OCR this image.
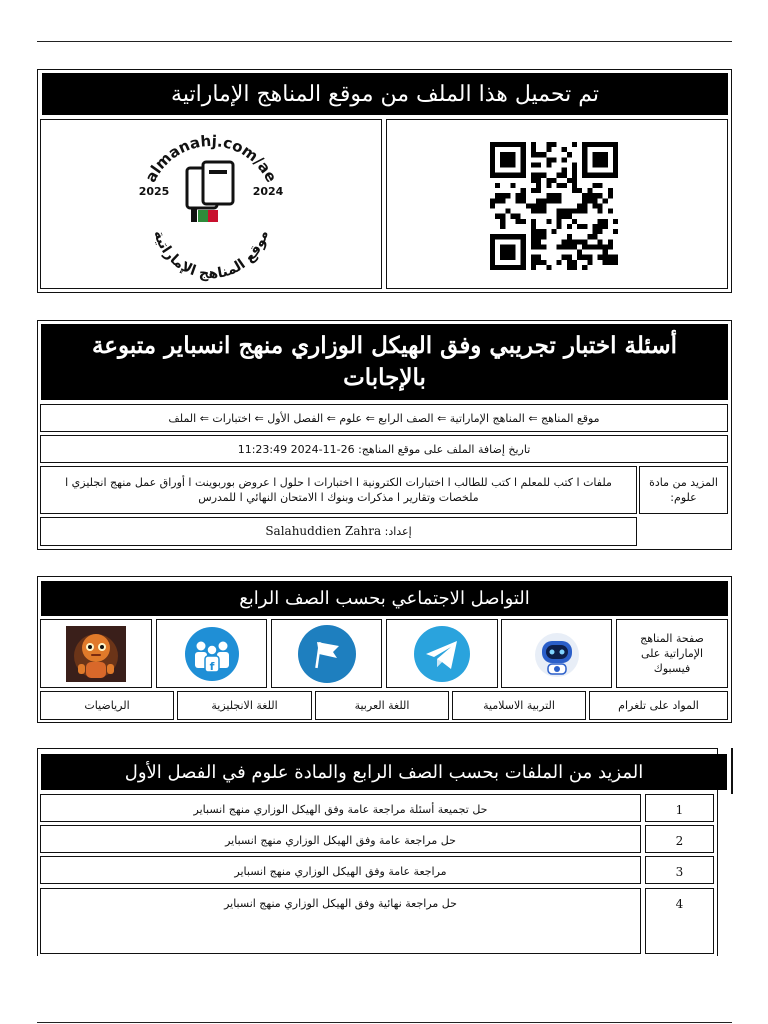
تم تحميل هذا الملف من موقع المناهج الإماراتية
almanahj.com/ae
موقع المناهج الإماراتية
2025	2024
أسئلة اختبار تجريبي وفق الهيكل الوزاري منهج انسباير متبوعة بالإجابات
موقع المناهج ⇐ المناهج الإماراتية ⇐ الصف الرابع ⇐ علوم ⇐ الفصل الأول ⇐ اختبارات ⇐ الملف
تاريخ إضافة الملف على موقع المناهج: 26-11-2024 11:23:49
المزيد من مادة علوم:
ملفات ا كتب للمعلم ا كتب للطالب ا اختبارات الكترونية ا اختبارات ا حلول ا عروض بوربوينت ا أوراق عمل منهج انجليزي ا ملخصات وتقارير ا مذكرات وبنوك ا الامتحان النهائي ا للمدرس
إعداد:

Salahuddien Zahra
التواصل الاجتماعي بحسب الصف الرابع
صفحة المناهج الإماراتية على فيسبوك
f
المواد على تلغرام
التربية الاسلامية
اللغة العربية
اللغة الانجليزية
الرياضيات
المزيد من الملفات بحسب الصف الرابع والمادة علوم في الفصل الأول
حل تجميعة أسئلة مراجعة عامة وفق الهيكل الوزاري منهج انسباير	1
حل مراجعة عامة وفق الهيكل الوزاري منهج انسباير	2
مراجعة عامة وفق الهيكل الوزاري منهج انسباير	3
حل مراجعة نهائية وفق الهيكل الوزاري منهج انسباير	4
